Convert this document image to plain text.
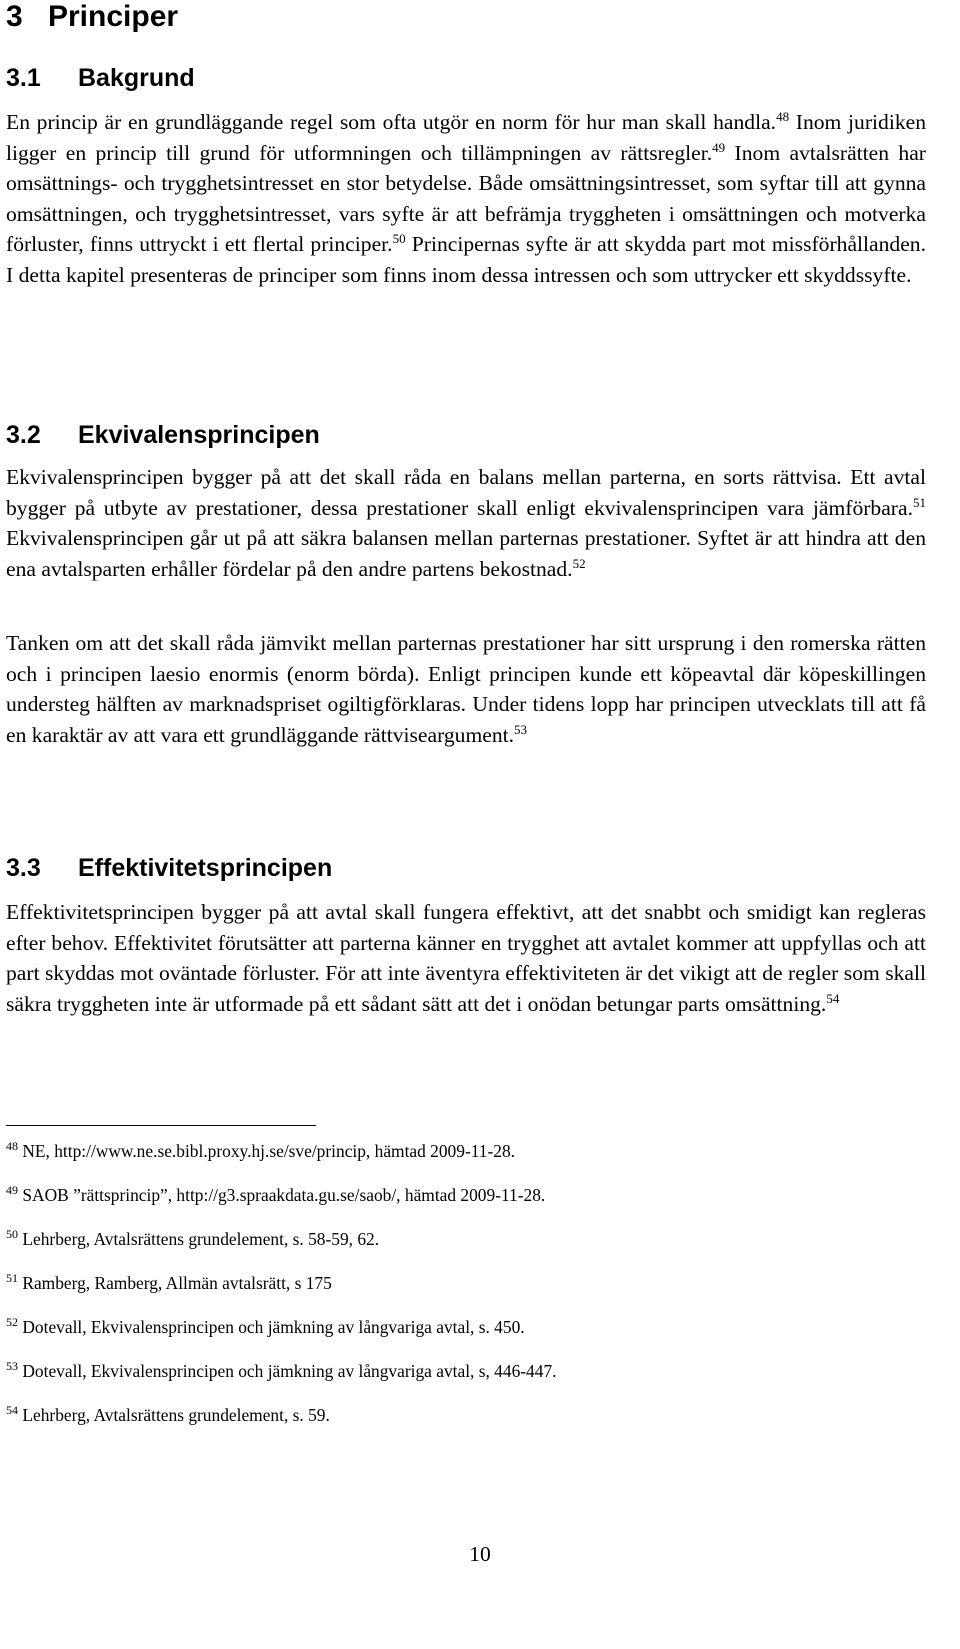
3 Principer
3.1 Bakgrund

En princip är en grundläggande regel som ofta utgör en norm för hur man skall handla.$^{48}$ Inom juridiken ligger en princip till grund för utformningen och tillämpningen av rättsregler.$^{49}$ Inom avtalsrätten har omsättnings- och trygghetsintresset en stor betydelse. Både omsättningsintresset, som syftar till att gynna omsättningen, och trygghetsintresset, vars syfte är att befrämja tryggheten i omsättningen och motverka förluster, finns uttryckt i ett flertal principer.$^{50}$ Principernas syfte är att skydda part mot missförhållanden. I detta kapitel presenteras de principer som finns inom dessa intressen och som uttrycker ett skyddssyfte.

3.2 Ekvivalensprincipen

Ekvivalensprincipen bygger på att det skall råda en balans mellan parterna, en sorts rättvisa. Ett avtal bygger på utbyte av prestationer, dessa prestationer skall enligt ekvivalensprincipen vara jämförbara.$^{51}$ Ekvivalensprincipen går ut på att säkra balansen mellan parternas prestationer. Syftet är att hindra att den ena avtalsparten erhåller fördelar på den andre partens bekostnad.$^{52}$

Tanken om att det skall råda jämvikt mellan parternas prestationer har sitt ursprung i den romerska rätten och i principen laesio enormis (enorm börda). Enligt principen kunde ett köpeavtal där köpeskillingen understeg hälften av marknadspriset ogiltigförklaras. Under tidens lopp har principen utvecklats till att få en karaktär av att vara ett grundläggande rättviseargument.$^{53}$

3.3 Effektivitetsprincipen

Effektivitetsprincipen bygger på att avtal skall fungera effektivt, att det snabbt och smidigt kan regleras efter behov. Effektivitet förutsätter att parterna känner en trygghet att avtalet kommer att uppfyllas och att part skyddas mot oväntade förluster. För att inte äventyra effektiviteten är det vikigt att de regler som skall säkra tryggheten inte är utformade på ett sådant sätt att det i onödan betungar parts omsättning.$^{54}$

$^{48}$ NE, http://www.ne.se.bibl.proxy.hj.se/sve/princip, hämtad 2009-11-28.

$^{49}$ SAOB ”rättsprincip”, http://g3.spraakdata.gu.se/saob/, hämtad 2009-11-28.

$^{50}$ Lehrberg, Avtalsrättens grundelement, s. 58-59, 62.

$^{51}$ Ramberg, Ramberg, Allmän avtalsrätt, s 175

$^{52}$ Dotevall, Ekvivalensprincipen och jämkning av långvariga avtal, s. 450.

$^{53}$ Dotevall, Ekvivalensprincipen och jämkning av långvariga avtal, s, 446-447.

$^{54}$ Lehrberg, Avtalsrättens grundelement, s. 59.

10
